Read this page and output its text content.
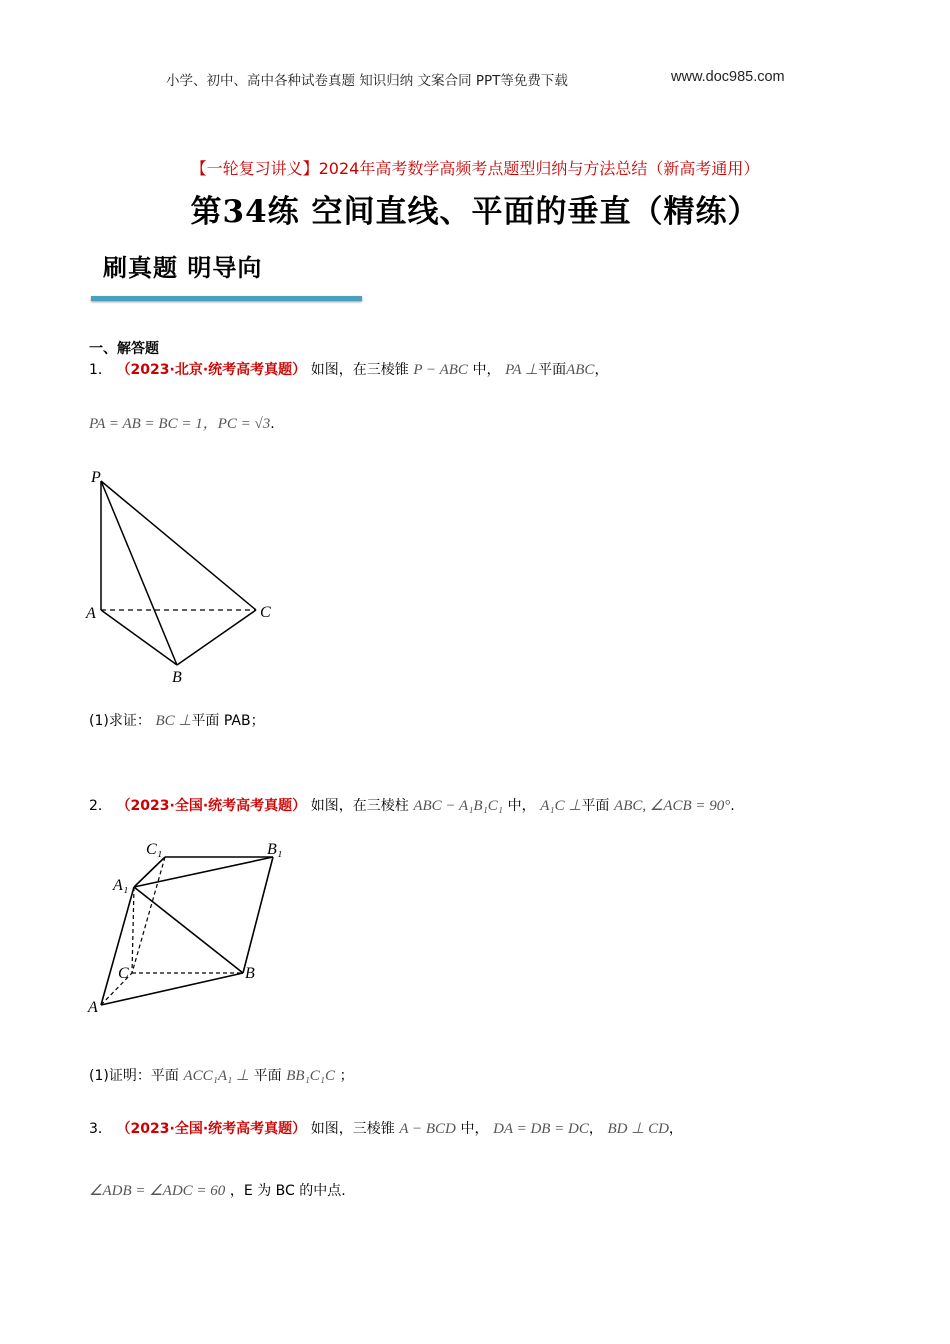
小学、初中、高中各种试卷真题 知识归纳 文案合同 PPT等免费下载	www.doc985.com
【一轮复习讲义】2024年高考数学高频考点题型归纳与方法总结（新高考通用）
第34练 空间直线、平面的垂直（精练）
刷真题 明导向
一、解答题
1． （2023·北京·统考高考真题） 如图，在三棱锥 P − ABC 中， PA ⊥平面ABC，
PA = AB = BC = 1，PC = √3.
P
A	C
B
(1)求证： BC ⊥平面 PAB；
2． （2023·全国·统考高考真题） 如图，在三棱柱 ABC − A₁B₁C₁ 中， A₁C ⊥平面 ABC, ∠ACB = 90°.
C₁	B₁
A₁
C	B
A
(1)证明：平面 ACC₁A₁ ⊥ 平面 BB₁C₁C ；
3． （2023·全国·统考高考真题） 如图，三棱锥 A − BCD 中， DA = DB = DC， BD ⊥ CD，
∠ADB = ∠ADC = 60 ，E 为 BC 的中点.
